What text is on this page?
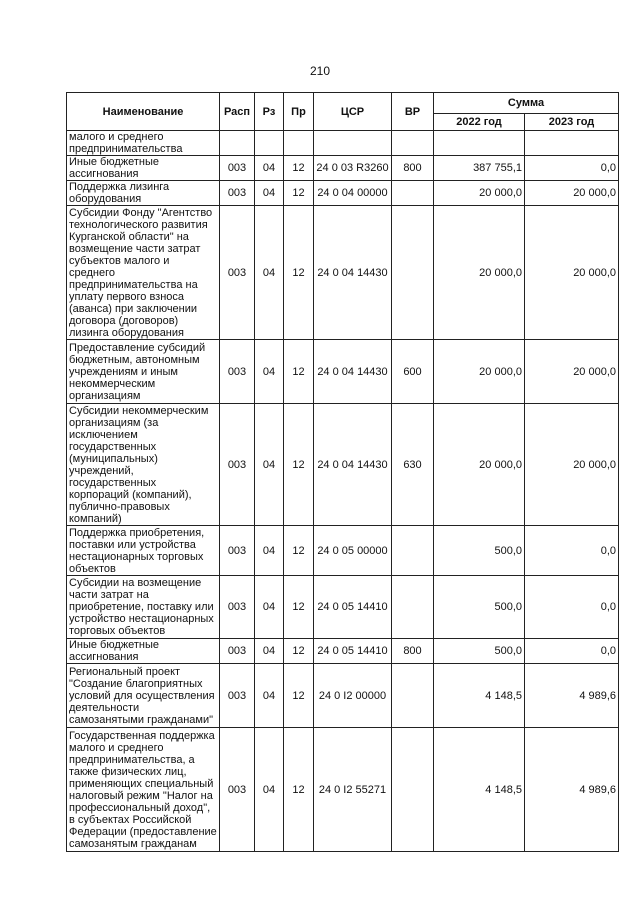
210
Наименование	Расп	Рз	Пр	ЦСР	ВР	Сумма	
						2022 год	2023 год
малого и среднего предпринимательства							
Иные бюджетные ассигнования	003	04	12	24 0 03 R3260	800	387 755,1	0,0
Поддержка лизинга оборудования	003	04	12	24 0 04 00000		20 000,0	20 000,0
Субсидии Фонду "Агентство технологического развития Курганской области" на возмещение части затрат субъектов малого и среднего предпринимательства на уплату первого взноса (аванса) при заключении договора (договоров) лизинга оборудования	003	04	12	24 0 04 14430		20 000,0	20 000,0
Предоставление субсидий бюджетным, автономным учреждениям и иным некоммерческим организациям	003	04	12	24 0 04 14430	600	20 000,0	20 000,0
Субсидии некоммерческим организациям (за исключением государственных (муниципальных) учреждений, государственных корпораций (компаний), публично-правовых компаний)	003	04	12	24 0 04 14430	630	20 000,0	20 000,0
Поддержка приобретения, поставки или устройства нестационарных торговых объектов	003	04	12	24 0 05 00000		500,0	0,0
Субсидии на возмещение части затрат на приобретение, поставку или устройство нестационарных торговых объектов	003	04	12	24 0 05 14410		500,0	0,0
Иные бюджетные ассигнования	003	04	12	24 0 05 14410	800	500,0	0,0
Региональный проект "Создание благоприятных условий для осуществления деятельности самозанятыми гражданами"	003	04	12	24 0 I2 00000		4 148,5	4 989,6
Государственная поддержка малого и среднего предпринимательства, а также физических лиц, применяющих специальный налоговый режим "Налог на профессиональный доход", в субъектах Российской Федерации (предоставление самозанятым гражданам	003	04	12	24 0 I2 55271		4 148,5	4 989,6
